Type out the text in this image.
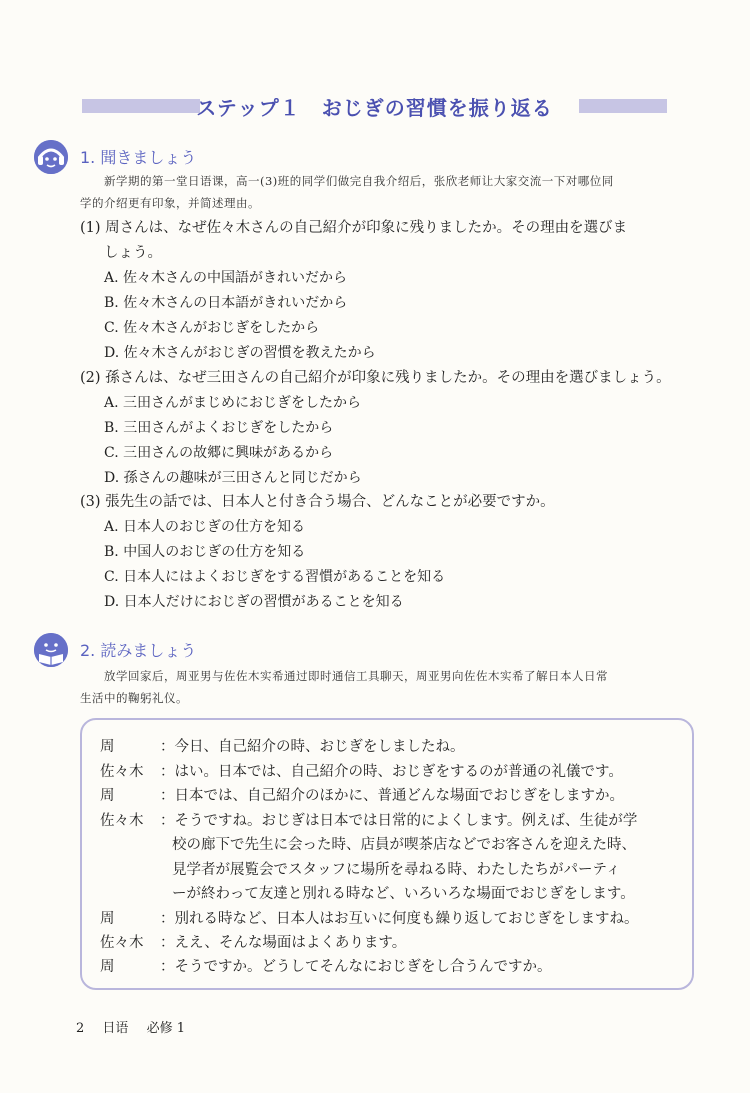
ステップ１　おじぎの習慣を振り返る
1. 聞きましょう
新学期的第一堂日语课，高一(3)班的同学们做完自我介绍后，张欣老师让大家交流一下对哪位同
学的介绍更有印象，并简述理由。
(1) 周さんは、なぜ佐々木さんの自己紹介が印象に残りましたか。その理由を選びま
しょう。
A. 佐々木さんの中国語がきれいだから
B. 佐々木さんの日本語がきれいだから
C. 佐々木さんがおじぎをしたから
D. 佐々木さんがおじぎの習慣を教えたから
(2) 孫さんは、なぜ三田さんの自己紹介が印象に残りましたか。その理由を選びましょう。
A. 三田さんがまじめにおじぎをしたから
B. 三田さんがよくおじぎをしたから
C. 三田さんの故郷に興味があるから
D. 孫さんの趣味が三田さんと同じだから
(3) 張先生の話では、日本人と付き合う場合、どんなことが必要ですか。
A. 日本人のおじぎの仕方を知る
B. 中国人のおじぎの仕方を知る
C. 日本人にはよくおじぎをする習慣があることを知る
D. 日本人だけにおじぎの習慣があることを知る
2. 読みましょう
放学回家后，周亚男与佐佐木实希通过即时通信工具聊天，周亚男向佐佐木实希了解日本人日常
生活中的鞠躬礼仪。
周	：今日、自己紹介の時、おじぎをしましたね。
佐々木 ：はい。日本では、自己紹介の時、おじぎをするのが普通の礼儀です。
周	：日本では、自己紹介のほかに、普通どんな場面でおじぎをしますか。
佐々木 ：そうですね。おじぎは日本では日常的によくします。例えば、生徒が学
校の廊下で先生に会った時、店員が喫茶店などでお客さんを迎えた時、
見学者が展覧会でスタッフに場所を尋ねる時、わたしたちがパーティ
ーが終わって友達と別れる時など、いろいろな場面でおじぎをします。
周	：別れる時など、日本人はお互いに何度も繰り返しておじぎをしますね。
佐々木 ：ええ、そんな場面はよくあります。
周	：そうですか。どうしてそんなにおじぎをし合うんですか。
2 日语 必修 1
